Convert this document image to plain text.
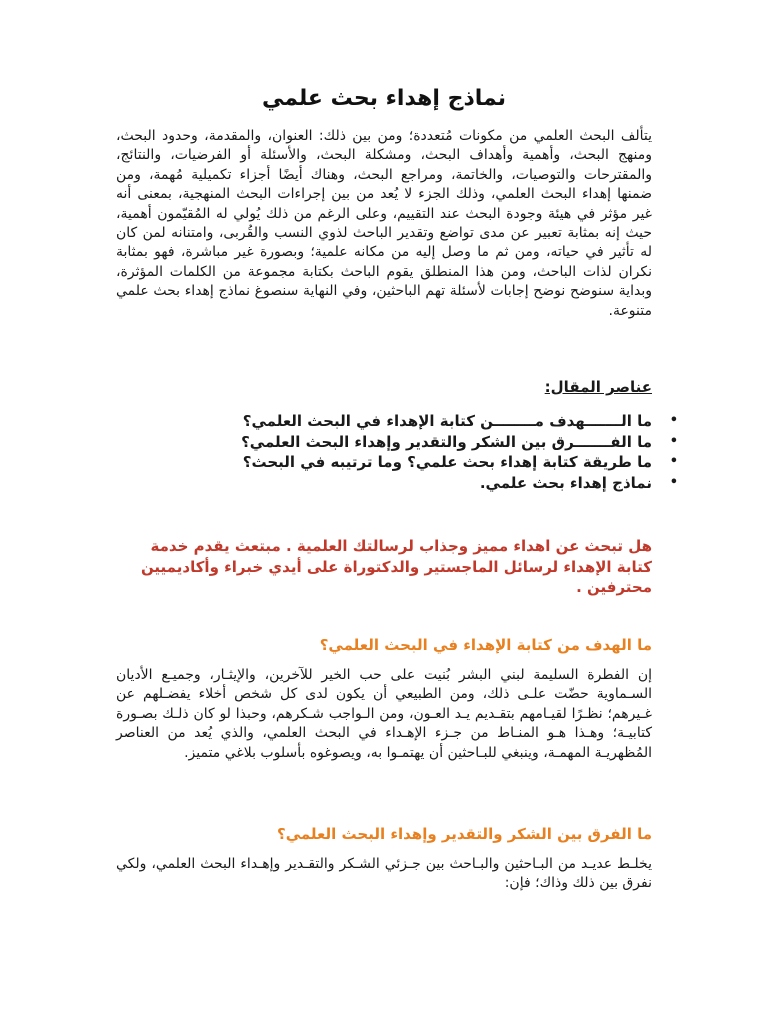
نماذج إهداء بحث علمي

يتألف البحث العلمي من مكونات مُتعددة؛ ومن بين ذلك: العنوان، والمقدمة، وحدود البحث، ومنهج البحث، وأهمية وأهداف البحث، ومشكلة البحث، والأسئلة أو الفرضيات، والنتائج، والمقترحات والتوصيات، والخاتمة، ومراجع البحث، وهناك أيضًا أجزاء تكميلية مُهمة، ومن ضمنها إهداء البحث العلمي، وذلك الجزء لا يُعد من بين إجراءات البحث المنهجية، بمعنى أنه غير مؤثر في هيئة وجودة البحث عند التقييم، وعلى الرغم من ذلك يُولي له المُقيّمون أهمية، حيث إنه بمثابة تعبير عن مدى تواضع وتقدير الباحث لذوي النسب والقُربى، وامتنانه لمن كان له تأثير في حياته، ومن ثم ما وصل إليه من مكانه علمية؛ وبصورة غير مباشرة، فهو بمثابة نكران لذات الباحث، ومن هذا المنطلق يقوم الباحث بكتابة مجموعة من الكلمات المؤثرة، وبداية سنوضح نوضح إجابات لأسئلة تهم الباحثين، وفي النهاية سنصوغ نماذج إهداء بحث علمي متنوعة.

عناصر المقال:

•
ما الـــــــهدف مــــــــن كتابة الإهداء في البحث العلمي؟
•
ما الفـــــــرق بين الشكر والتقدير وإهداء البحث العلمي؟
•
ما طريقة كتابة إهداء بحث علمي؟ وما ترتيبه في البحث؟
•
نماذج إهداء بحث علمي.

هل تبحث عن اهداء مميز وجذاب لرسالتك العلمية . مبتعث يقدم خدمة كتابة الإهداء لرسائل الماجستير والدكتوراة على أيدي خبراء وأكاديميين محترفين .

ما الهدف من كتابة الإهداء في البحث العلمي؟

إن الفطرة السليمة لبني البشر بُنيت على حب الخير للآخرين، والإيثـار، وجميـع الأديان السـماوية حضّت علـى ذلك، ومن الطبيعي أن يكون لدى كل شخص أخلاء يفضـلهم عن غـيرهم؛ نظـرًا لقيـامهم بتقـديم يـد العـون، ومن الـواجب شـكرهم، وحبذا لو كان ذلـك بصـورة كتابيـة؛ وهـذا هـو المنـاط من جـزء الإهـداء في البحث العلمي، والذي يُعد من العناصر المُظهريـة المهمـة، وينبغي للبـاحثين أن يهتمـوا به، ويصوغوه بأسلوب بلاغي متميز.

ما الفرق بين الشكر والتقدير وإهداء البحث العلمي؟

يخلـط عديـد من البـاحثين والبـاحث بين جـزئي الشـكر والتقـدير وإهـداء البحث العلمي، ولكي نفرق بين ذلك وذاك؛ فإن:
